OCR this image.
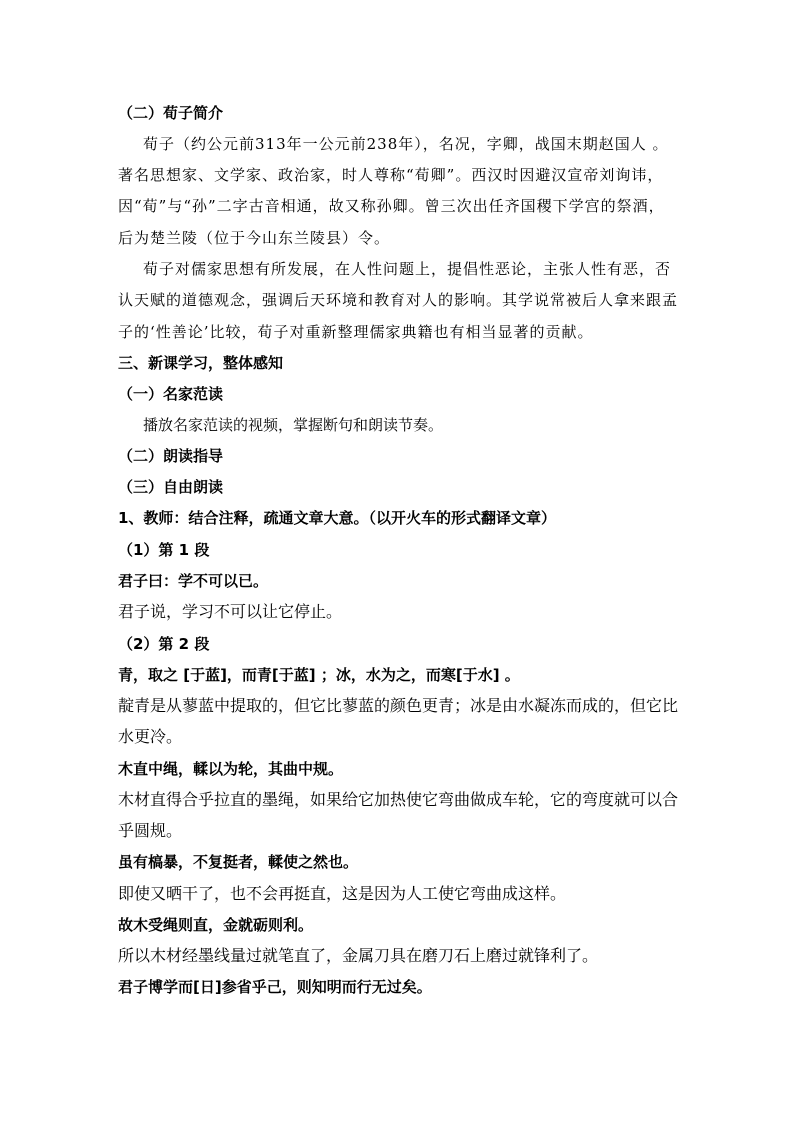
（二）荀子简介
荀子（约公元前313年一公元前238年），名况，字卿，战国末期赵国人 。
著名思想家、文学家、政治家，时人尊称“荀卿”。西汉时因避汉宣帝刘询讳，
因“荀”与“孙”二字古音相通，故又称孙卿。曾三次出任齐国稷下学宫的祭酒，
后为楚兰陵（位于今山东兰陵县）令。
荀子对儒家思想有所发展，在人性问题上，提倡性恶论，主张人性有恶，否
认天赋的道德观念，强调后天环境和教育对人的影响。其学说常被后人拿来跟孟
子的‘性善论’比较，荀子对重新整理儒家典籍也有相当显著的贡献。
三、新课学习，整体感知
（一）名家范读
播放名家范读的视频，掌握断句和朗读节奏。
（二）朗读指导
（三）自由朗读
1、教师：结合注释，疏通文章大意。（以开火车的形式翻译文章）
（1）第 1 段
君子曰：学不可以已。
君子说，学习不可以让它停止。
（2）第 2 段
青，取之 [于蓝]，而青[于蓝] ；冰，水为之，而寒[于水] 。
靛青是从蓼蓝中提取的，但它比蓼蓝的颜色更青；冰是由水凝冻而成的，但它比
水更冷。
木直中绳，輮以为轮，其曲中规。
木材直得合乎拉直的墨绳，如果给它加热使它弯曲做成车轮，它的弯度就可以合
乎圆规。
虽有槁暴，不复挺者，輮使之然也。
即使又晒干了，也不会再挺直，这是因为人工使它弯曲成这样。
故木受绳则直，金就砺则利。
所以木材经墨线量过就笔直了，金属刀具在磨刀石上磨过就锋利了。
君子博学而[日]参省乎己，则知明而行无过矣。
